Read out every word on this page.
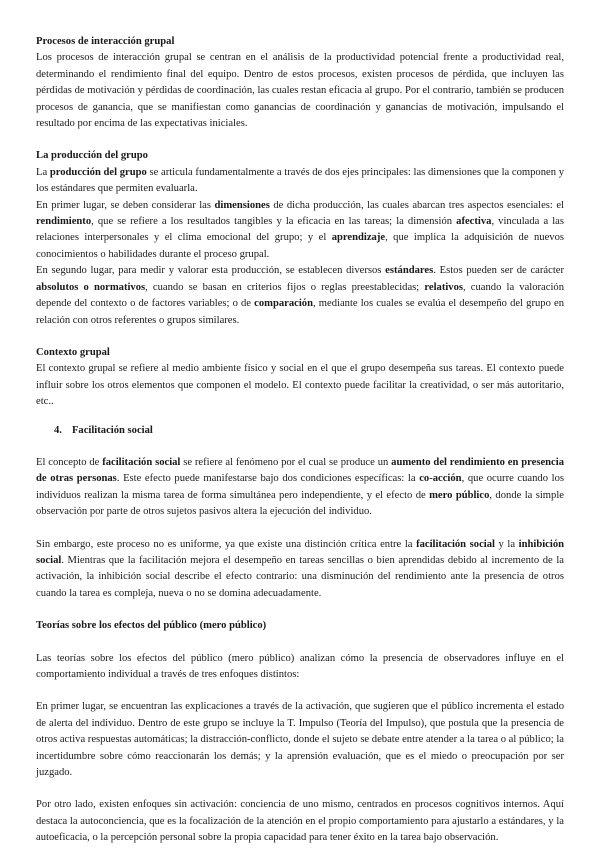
Procesos de interacción grupal

Los procesos de interacción grupal se centran en el análisis de la productividad potencial frente a productividad real, determinando el rendimiento final del equipo. Dentro de estos procesos, existen procesos de pérdida, que incluyen las pérdidas de motivación y pérdidas de coordinación, las cuales restan eficacia al grupo. Por el contrario, también se producen procesos de ganancia, que se manifiestan como ganancias de coordinación y ganancias de motivación, impulsando el resultado por encima de las expectativas iniciales.

La producción del grupo

La producción del grupo se articula fundamentalmente a través de dos ejes principales: las dimensiones que la componen y los estándares que permiten evaluarla.

En primer lugar, se deben considerar las dimensiones de dicha producción, las cuales abarcan tres aspectos esenciales: el rendimiento, que se refiere a los resultados tangibles y la eficacia en las tareas; la dimensión afectiva, vinculada a las relaciones interpersonales y el clima emocional del grupo; y el aprendizaje, que implica la adquisición de nuevos conocimientos o habilidades durante el proceso grupal.

En segundo lugar, para medir y valorar esta producción, se establecen diversos estándares. Estos pueden ser de carácter absolutos o normativos, cuando se basan en criterios fijos o reglas preestablecidas; relativos, cuando la valoración depende del contexto o de factores variables; o de comparación, mediante los cuales se evalúa el desempeño del grupo en relación con otros referentes o grupos similares.

Contexto grupal

El contexto grupal se refiere al medio ambiente físico y social en el que el grupo desempeña sus tareas. El contexto puede influir sobre los otros elementos que componen el modelo. El contexto puede facilitar la creatividad, o ser más autoritario, etc..

4. Facilitación social

El concepto de facilitación social se refiere al fenómeno por el cual se produce un aumento del rendimiento en presencia de otras personas. Este efecto puede manifestarse bajo dos condiciones específicas: la co-acción, que ocurre cuando los individuos realizan la misma tarea de forma simultánea pero independiente, y el efecto de mero público, donde la simple observación por parte de otros sujetos pasivos altera la ejecución del individuo.

Sin embargo, este proceso no es uniforme, ya que existe una distinción crítica entre la facilitación social y la inhibición social. Mientras que la facilitación mejora el desempeño en tareas sencillas o bien aprendidas debido al incremento de la activación, la inhibición social describe el efecto contrario: una disminución del rendimiento ante la presencia de otros cuando la tarea es compleja, nueva o no se domina adecuadamente.

Teorías sobre los efectos del público (mero público)

Las teorías sobre los efectos del público (mero público) analizan cómo la presencia de observadores influye en el comportamiento individual a través de tres enfoques distintos:

En primer lugar, se encuentran las explicaciones a través de la activación, que sugieren que el público incrementa el estado de alerta del individuo. Dentro de este grupo se incluye la T. Impulso (Teoría del Impulso), que postula que la presencia de otros activa respuestas automáticas; la distracción-conflicto, donde el sujeto se debate entre atender a la tarea o al público; la incertidumbre sobre cómo reaccionarán los demás; y la aprensión evaluación, que es el miedo o preocupación por ser juzgado.

Por otro lado, existen enfoques sin activación: conciencia de uno mismo, centrados en procesos cognitivos internos. Aquí destaca la autoconciencia, que es la focalización de la atención en el propio comportamiento para ajustarlo a estándares, y la autoeficacia, o la percepción personal sobre la propia capacidad para tener éxito en la tarea bajo observación.
